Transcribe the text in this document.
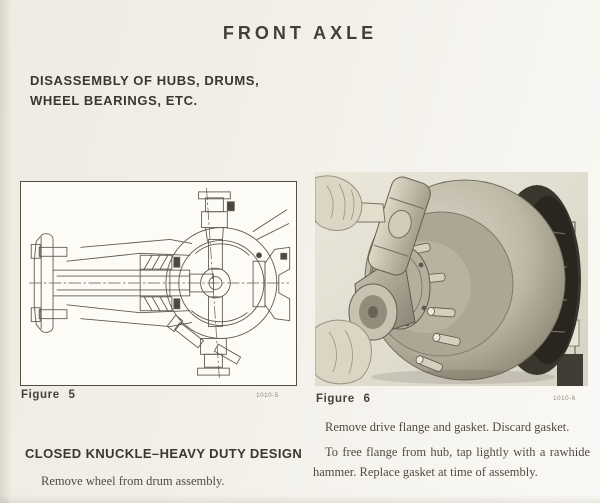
FRONT AXLE
DISASSEMBLY OF HUBS, DRUMS,
WHEEL BEARINGS, ETC.
Figure 5	1010-5	Figure 6	1010-6
CLOSED KNUCKLE–HEAVY DUTY DESIGN
Remove wheel from drum assembly.
Remove drive flange and gasket. Discard gasket.
To free flange from hub, tap lightly with a rawhide hammer. Replace gasket at time of assembly.
